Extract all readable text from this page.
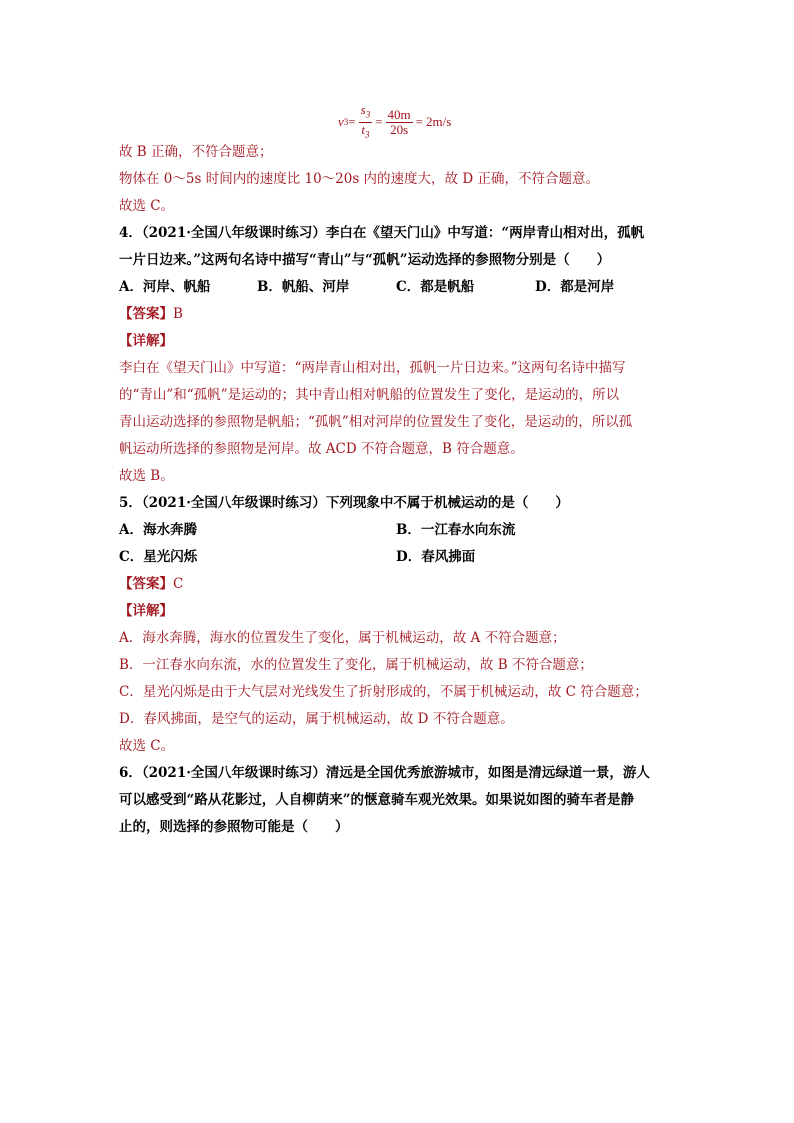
v $3 = \frac{s_3}{t_3} = \frac{40m}{20s} = 2m/s$
故 B 正确，不符合题意；
物体在 0～5s 时间内的速度比 10～20s 内的速度大，故 D 正确，不符合题意。
故选 C。
4．（2021·全国八年级课时练习）李白在《望天门山》中写道：“两岸青山相对出，孤帆
一片日边来。”这两句名诗中描写“青山”与“孤帆”运动选择的参照物分别是（　　）
A．河岸、帆船	B．帆船、河岸	C．都是帆船	D．都是河岸
【答案】B
【详解】
李白在《望天门山》中写道：“两岸青山相对出，孤帆一片日边来。”这两句名诗中描写
的“青山”和“孤帆”是运动的；其中青山相对帆船的位置发生了变化，是运动的，所以
青山运动选择的参照物是帆船；“孤帆”相对河岸的位置发生了变化，是运动的，所以孤
帆运动所选择的参照物是河岸。故 ACD 不符合题意，B 符合题意。
故选 B。
5．（2021·全国八年级课时练习）下列现象中不属于机械运动的是（　　）
A．海水奔腾	B．一江春水向东流
C．星光闪烁	D．春风拂面
【答案】C
【详解】
A．海水奔腾，海水的位置发生了变化，属于机械运动，故 A 不符合题意；
B．一江春水向东流，水的位置发生了变化，属于机械运动，故 B 不符合题意；
C．星光闪烁是由于大气层对光线发生了折射形成的，不属于机械运动，故 C 符合题意；
D．春风拂面，是空气的运动，属于机械运动，故 D 不符合题意。
故选 C。
6．（2021·全国八年级课时练习）清远是全国优秀旅游城市，如图是清远绿道一景，游人
可以感受到“路从花影过，人自柳荫来”的惬意骑车观光效果。如果说如图的骑车者是静
止的，则选择的参照物可能是（　　）
